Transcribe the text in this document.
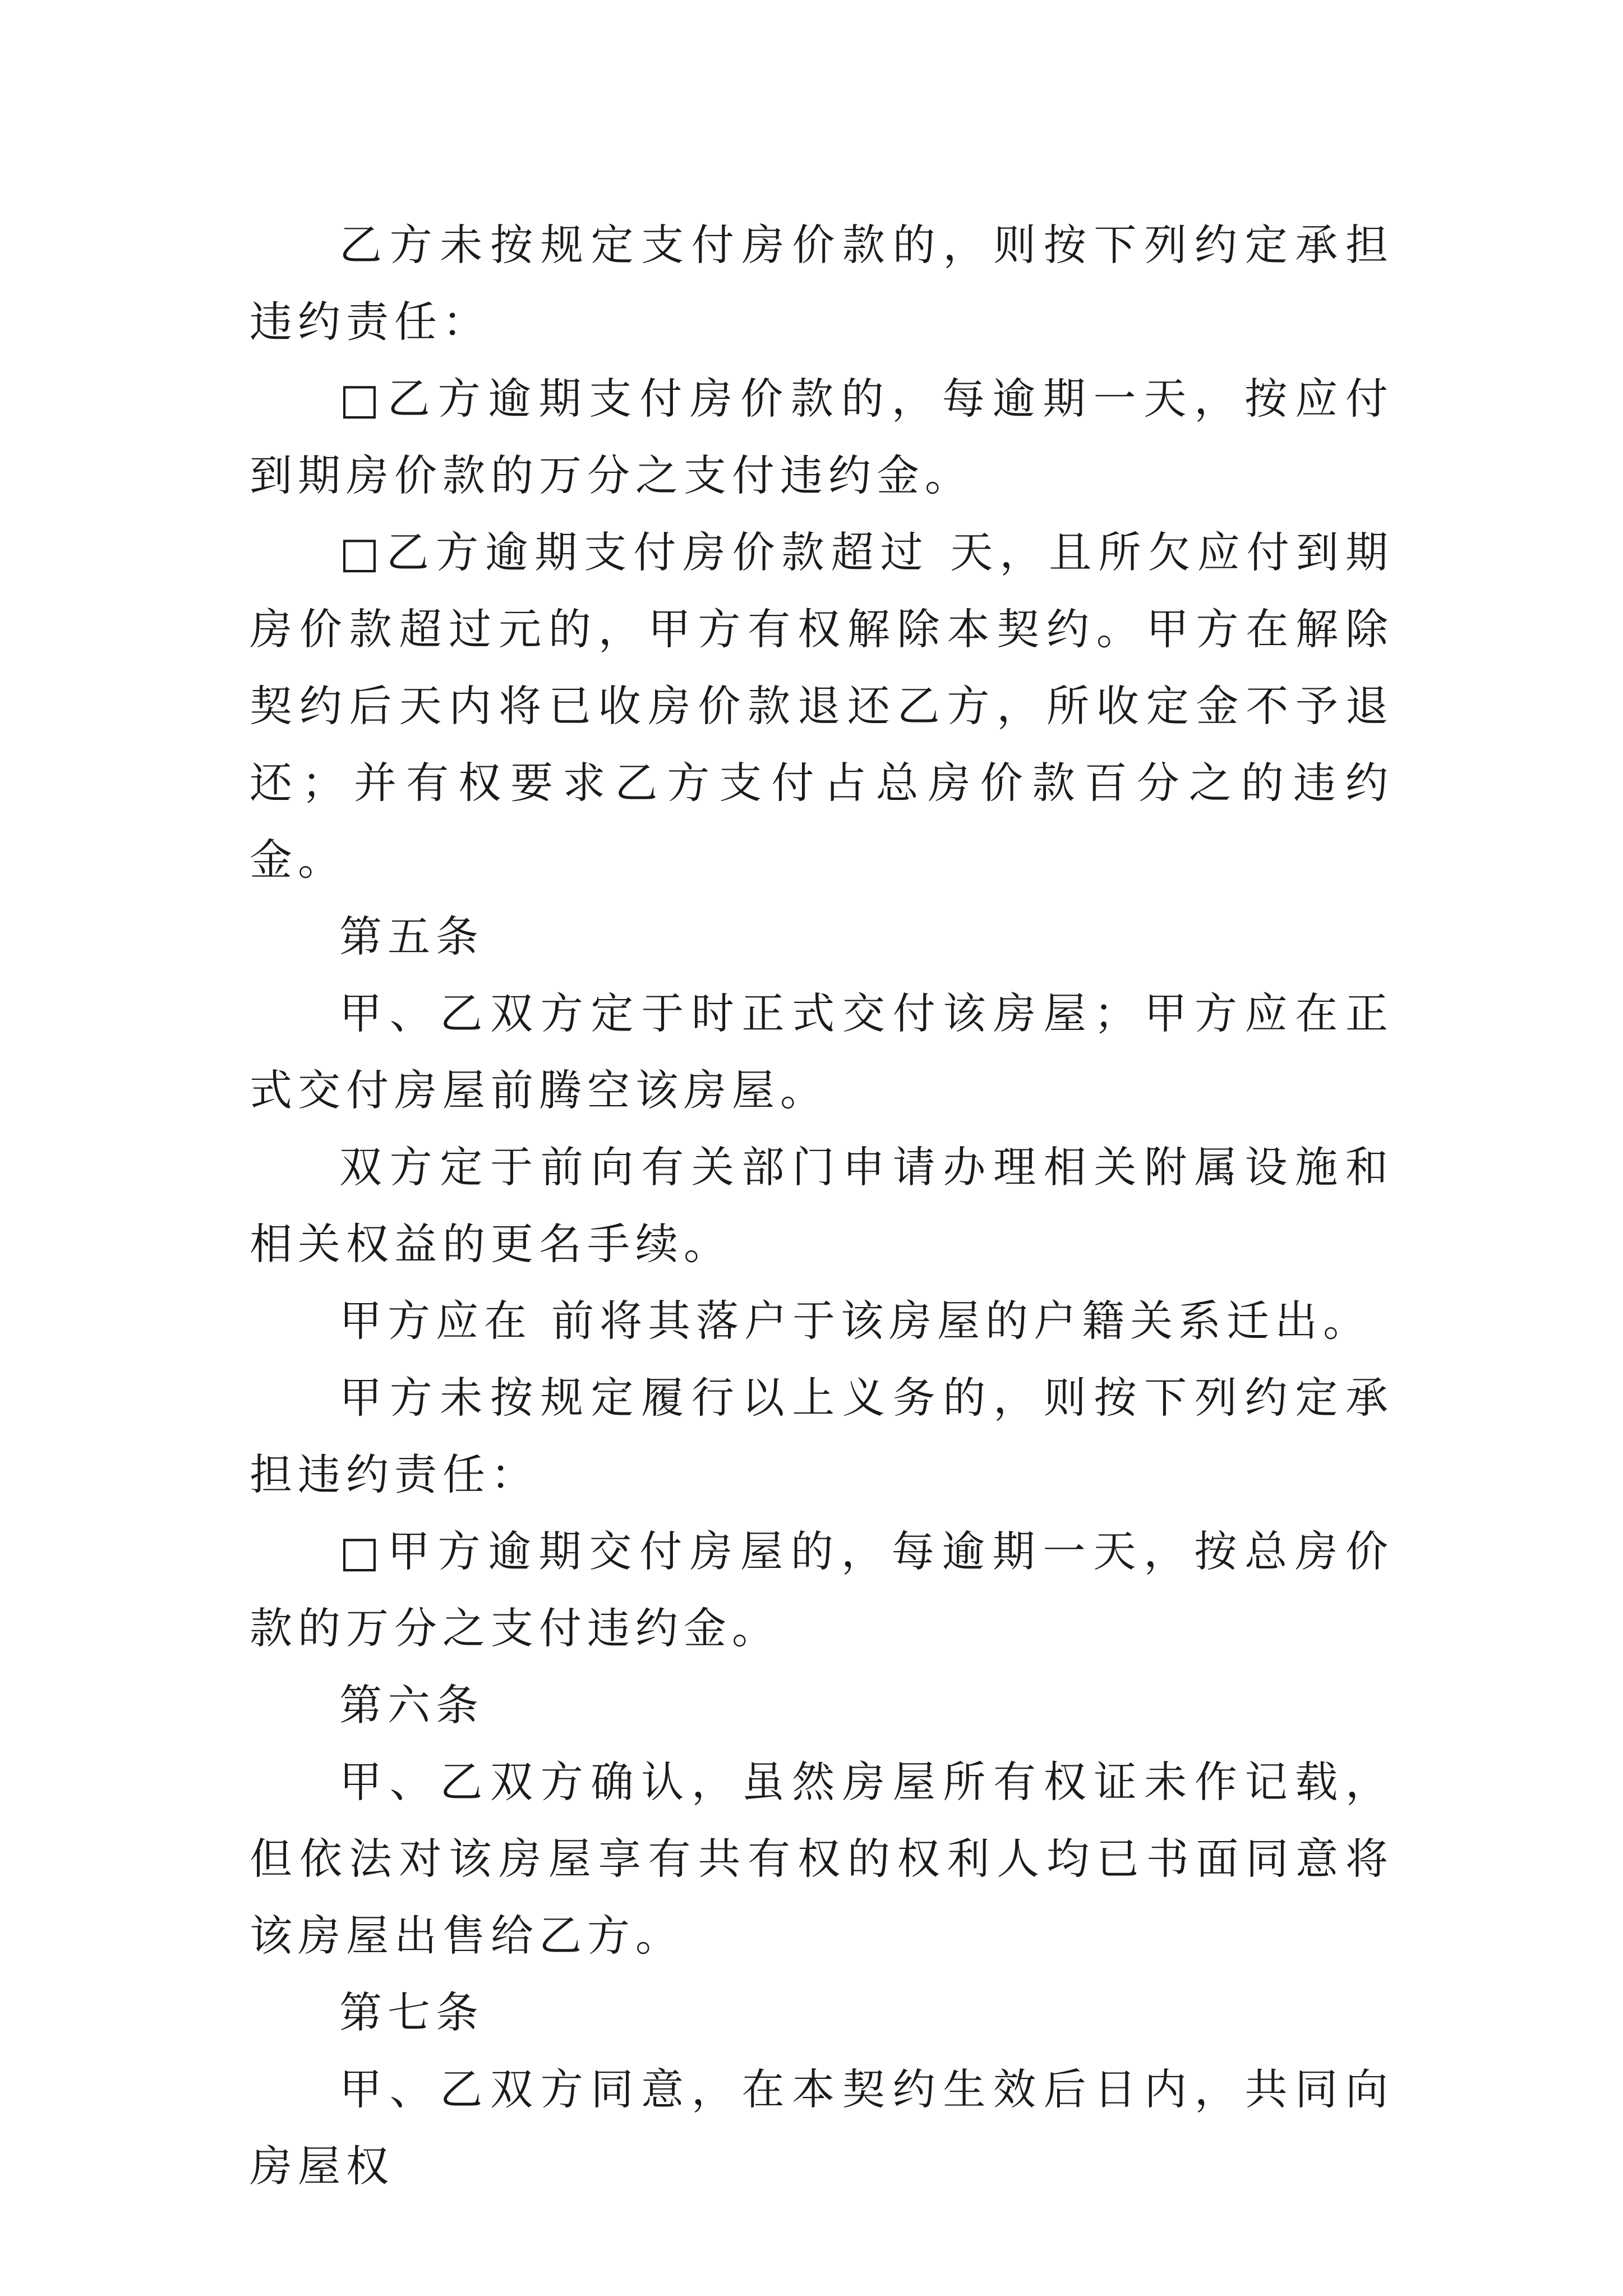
乙方未按规定支付房价款的，则按下列约定承担违约责任：

□乙方逾期支付房价款的，每逾期一天，按应付到期房价款的万分之支付违约金。

□乙方逾期支付房价款超过 天，且所欠应付到期房价款超过元的，甲方有权解除本契约。甲方在解除契约后天内将已收房价款退还乙方，所收定金不予退还；并有权要求乙方支付占总房价款百分之的违约金。

第五条

甲、乙双方定于时正式交付该房屋；甲方应在正式交付房屋前腾空该房屋。

双方定于前向有关部门申请办理相关附属设施和相关权益的更名手续。

甲方应在 前将其落户于该房屋的户籍关系迁出。

甲方未按规定履行以上义务的，则按下列约定承担违约责任：

□甲方逾期交付房屋的，每逾期一天，按总房价款的万分之支付违约金。

第六条

甲、乙双方确认，虽然房屋所有权证未作记载，但依法对该房屋享有共有权的权利人均已书面同意将该房屋出售给乙方。

第七条

甲、乙双方同意，在本契约生效后日内，共同向房屋权
